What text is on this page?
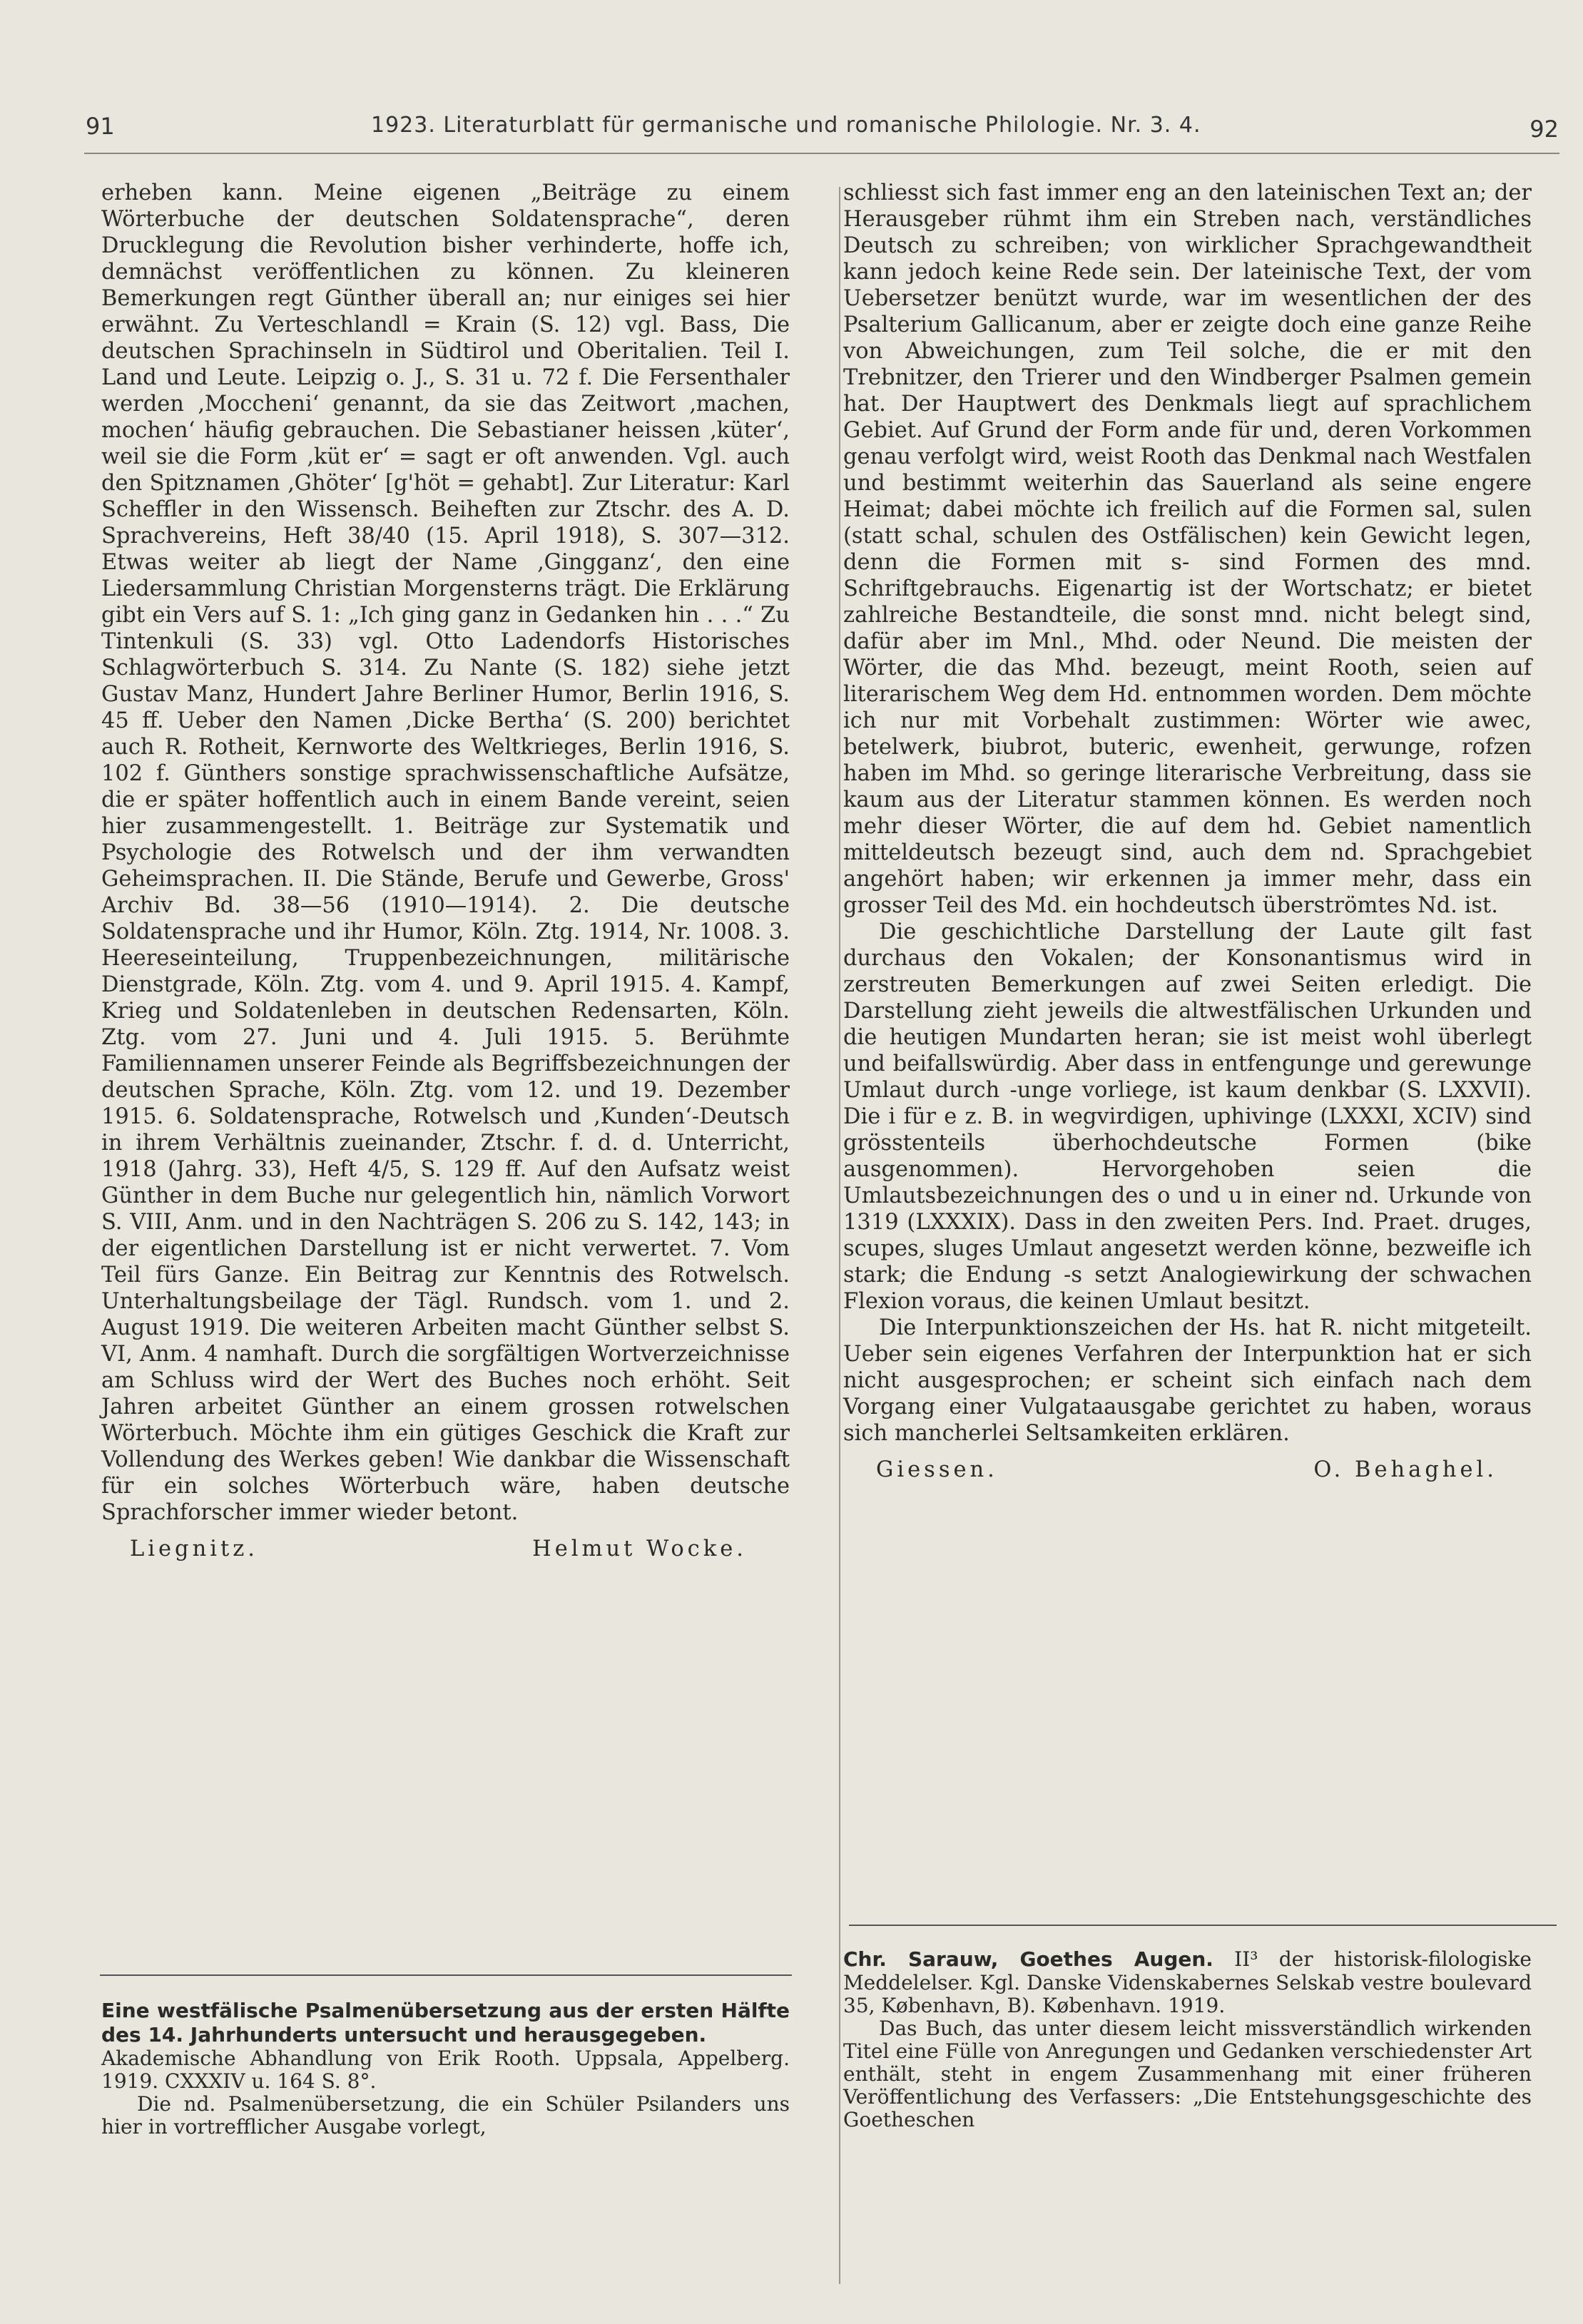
91	1923. Literaturblatt für germanische und romanische Philologie. Nr. 3. 4.	92

erheben kann. Meine eigenen „Beiträge zu einem Wörterbuche der deutschen Soldatensprache“, deren Drucklegung die Revolution bisher verhinderte, hoffe ich, demnächst veröffentlichen zu können. Zu kleineren Bemerkungen regt Günther überall an; nur einiges sei hier erwähnt. Zu Verteschlandl = Krain (S. 12) vgl. Bass, Die deutschen Sprachinseln in Südtirol und Oberitalien. Teil I. Land und Leute. Leipzig o. J., S. 31 u. 72 f. Die Fersenthaler werden ‚Moccheni‘ genannt, da sie das Zeitwort ‚machen, mochen‘ häufig gebrauchen. Die Sebastianer heissen ‚küter‘, weil sie die Form ‚küt er‘ = sagt er oft anwenden. Vgl. auch den Spitznamen ‚Ghöter‘ [g'höt = gehabt]. Zur Literatur: Karl Scheffler in den Wissensch. Beiheften zur Ztschr. des A. D. Sprachvereins, Heft 38/40 (15. April 1918), S. 307—312. Etwas weiter ab liegt der Name ‚Gingganz‘, den eine Liedersammlung Christian Morgensterns trägt. Die Erklärung gibt ein Vers auf S. 1: „Ich ging ganz in Gedanken hin . . .“ Zu Tintenkuli (S. 33) vgl. Otto Ladendorfs Historisches Schlagwörterbuch S. 314. Zu Nante (S. 182) siehe jetzt Gustav Manz, Hundert Jahre Berliner Humor, Berlin 1916, S. 45 ff. Ueber den Namen ‚Dicke Bertha‘ (S. 200) berichtet auch R. Rotheit, Kernworte des Weltkrieges, Berlin 1916, S. 102 f. Günthers sonstige sprachwissenschaftliche Aufsätze, die er später hoffentlich auch in einem Bande vereint, seien hier zusammengestellt. 1. Beiträge zur Systematik und Psychologie des Rotwelsch und der ihm verwandten Geheimsprachen. II. Die Stände, Berufe und Gewerbe, Gross' Archiv Bd. 38—56 (1910—1914). 2. Die deutsche Soldatensprache und ihr Humor, Köln. Ztg. 1914, Nr. 1008. 3. Heereseinteilung, Truppenbezeichnungen, militärische Dienstgrade, Köln. Ztg. vom 4. und 9. April 1915. 4. Kampf, Krieg und Soldatenleben in deutschen Redensarten, Köln. Ztg. vom 27. Juni und 4. Juli 1915. 5. Berühmte Familiennamen unserer Feinde als Begriffsbezeichnungen der deutschen Sprache, Köln. Ztg. vom 12. und 19. Dezember 1915. 6. Soldatensprache, Rotwelsch und ‚Kunden‘-Deutsch in ihrem Verhältnis zueinander, Ztschr. f. d. d. Unterricht, 1918 (Jahrg. 33), Heft 4/5, S. 129 ff. Auf den Aufsatz weist Günther in dem Buche nur gelegentlich hin, nämlich Vorwort S. VIII, Anm. und in den Nachträgen S. 206 zu S. 142, 143; in der eigentlichen Darstellung ist er nicht verwertet. 7. Vom Teil fürs Ganze. Ein Beitrag zur Kenntnis des Rotwelsch. Unterhaltungsbeilage der Tägl. Rundsch. vom 1. und 2. August 1919. Die weiteren Arbeiten macht Günther selbst S. VI, Anm. 4 namhaft. Durch die sorgfältigen Wortverzeichnisse am Schluss wird der Wert des Buches noch erhöht. Seit Jahren arbeitet Günther an einem grossen rotwelschen Wörterbuch. Möchte ihm ein gütiges Geschick die Kraft zur Vollendung des Werkes geben! Wie dankbar die Wissenschaft für ein solches Wörterbuch wäre, haben deutsche Sprachforscher immer wieder betont.

Liegnitz.	Helmut Wocke.

Eine westfälische Psalmenübersetzung aus der ersten Hälfte des 14. Jahrhunderts untersucht und herausgegeben.

Akademische Abhandlung von Erik Rooth. Uppsala, Appelberg. 1919. CXXXIV u. 164 S. 8°.

Die nd. Psalmenübersetzung, die ein Schüler Psilanders uns hier in vortrefflicher Ausgabe vorlegt,

schliesst sich fast immer eng an den lateinischen Text an; der Herausgeber rühmt ihm ein Streben nach, verständliches Deutsch zu schreiben; von wirklicher Sprachgewandtheit kann jedoch keine Rede sein. Der lateinische Text, der vom Uebersetzer benützt wurde, war im wesentlichen der des Psalterium Gallicanum, aber er zeigte doch eine ganze Reihe von Abweichungen, zum Teil solche, die er mit den Trebnitzer, den Trierer und den Windberger Psalmen gemein hat. Der Hauptwert des Denkmals liegt auf sprachlichem Gebiet. Auf Grund der Form ande für und, deren Vorkommen genau verfolgt wird, weist Rooth das Denkmal nach Westfalen und bestimmt weiterhin das Sauerland als seine engere Heimat; dabei möchte ich freilich auf die Formen sal, sulen (statt schal, schulen des Ostfälischen) kein Gewicht legen, denn die Formen mit s- sind Formen des mnd. Schriftgebrauchs. Eigenartig ist der Wortschatz; er bietet zahlreiche Bestandteile, die sonst mnd. nicht belegt sind, dafür aber im Mnl., Mhd. oder Neund. Die meisten der Wörter, die das Mhd. bezeugt, meint Rooth, seien auf literarischem Weg dem Hd. entnommen worden. Dem möchte ich nur mit Vorbehalt zustimmen: Wörter wie awec, betelwerk, biubrot, buteric, ewenheit, gerwunge, rofzen haben im Mhd. so geringe literarische Verbreitung, dass sie kaum aus der Literatur stammen können. Es werden noch mehr dieser Wörter, die auf dem hd. Gebiet namentlich mitteldeutsch bezeugt sind, auch dem nd. Sprachgebiet angehört haben; wir erkennen ja immer mehr, dass ein grosser Teil des Md. ein hochdeutsch überströmtes Nd. ist.

Die geschichtliche Darstellung der Laute gilt fast durchaus den Vokalen; der Konsonantismus wird in zerstreuten Bemerkungen auf zwei Seiten erledigt. Die Darstellung zieht jeweils die altwestfälischen Urkunden und die heutigen Mundarten heran; sie ist meist wohl überlegt und beifallswürdig. Aber dass in entfengunge und gerewunge Umlaut durch -unge vorliege, ist kaum denkbar (S. LXXVII). Die i für e z. B. in wegvirdigen, uphivinge (LXXXI, XCIV) sind grösstenteils überhochdeutsche Formen (bike ausgenommen). Hervorgehoben seien die Umlautsbezeichnungen des o und u in einer nd. Urkunde von 1319 (LXXXIX). Dass in den zweiten Pers. Ind. Praet. druges, scupes, sluges Umlaut angesetzt werden könne, bezweifle ich stark; die Endung -s setzt Analogiewirkung der schwachen Flexion voraus, die keinen Umlaut besitzt.

Die Interpunktionszeichen der Hs. hat R. nicht mitgeteilt. Ueber sein eigenes Verfahren der Interpunktion hat er sich nicht ausgesprochen; er scheint sich einfach nach dem Vorgang einer Vulgataausgabe gerichtet zu haben, woraus sich mancherlei Seltsamkeiten erklären.

Giessen.	O. Behaghel.

Chr. Sarauw, Goethes Augen. II³ der historisk-filologiske Meddelelser. Kgl. Danske Videnskabernes Selskab vestre boulevard 35, København, B). København. 1919.

Das Buch, das unter diesem leicht missverständlich wirkenden Titel eine Fülle von Anregungen und Gedanken verschiedenster Art enthält, steht in engem Zusammenhang mit einer früheren Veröffentlichung des Verfassers: „Die Entstehungsgeschichte des Goetheschen
